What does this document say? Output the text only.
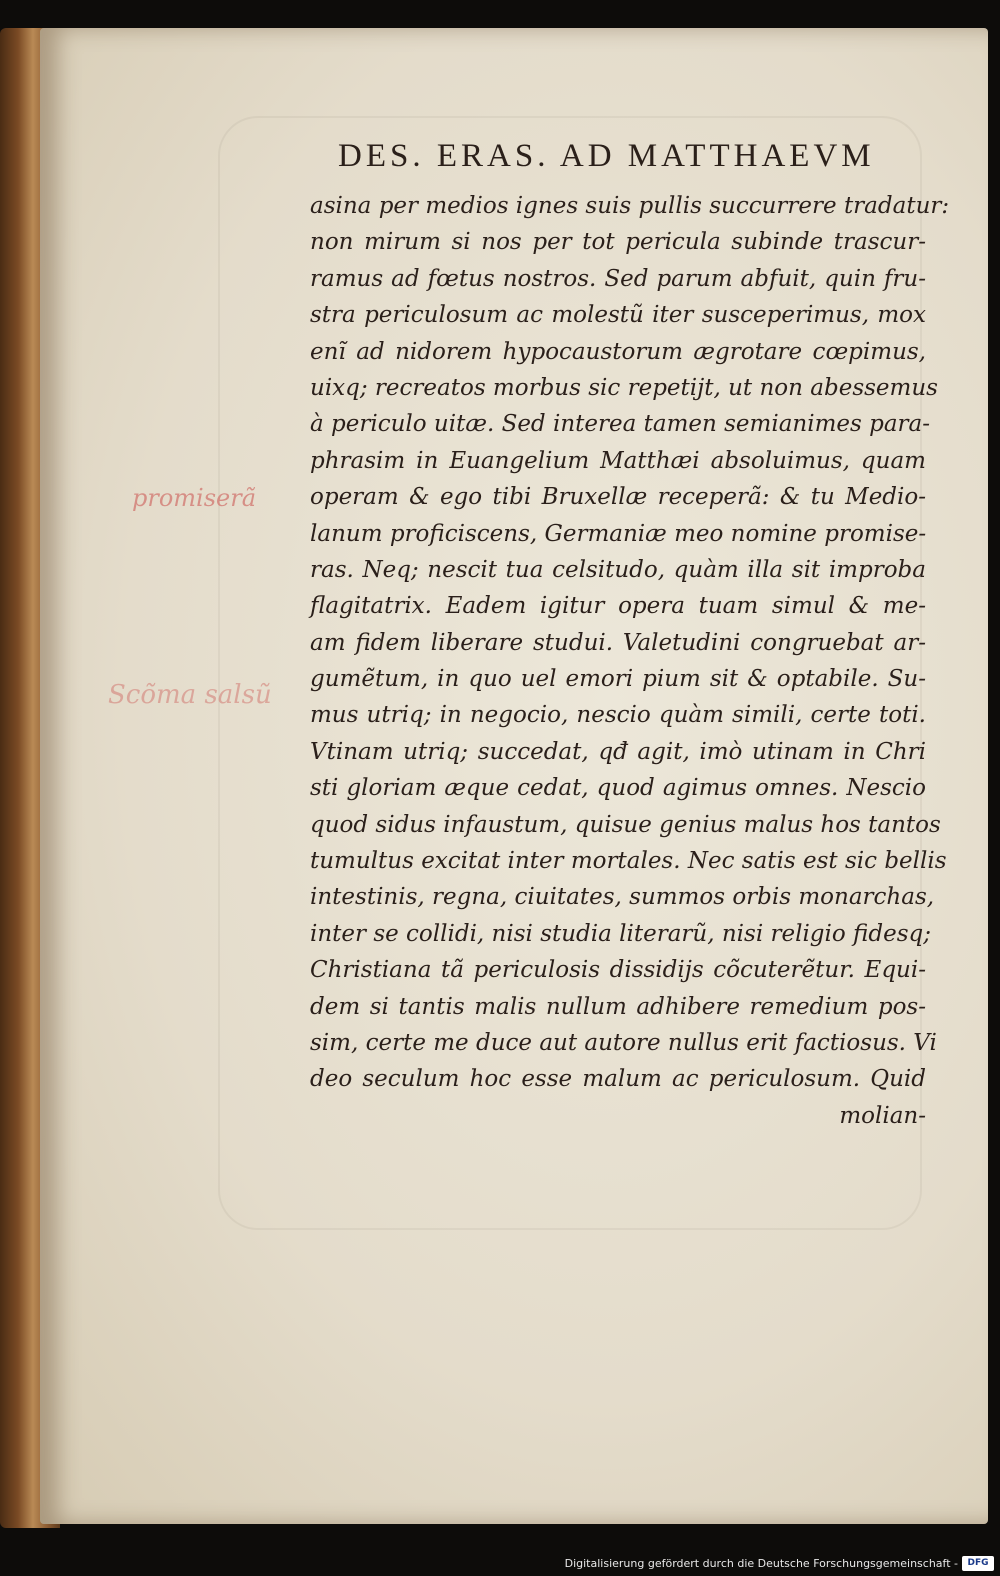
DES. ERAS. AD MATTHAEVM
promiserã
Scõma salsũ
asina per medios ignes suis pullis succurrere tradatur:
non mirum si nos per tot pericula subinde trascur-
ramus ad fœtus nostros. Sed parum abfuit, quin fru-
stra periculosum ac molestũ iter susceperimus, mox
enĩ ad nidorem hypocaustorum ægrotare cœpimus,
uixq; recreatos morbus sic repetijt, ut non abessemus
à periculo uitæ. Sed interea tamen semianimes para-
phrasim in Euangelium Matthæi absoluimus, quam
operam & ego tibi Bruxellæ receperã: & tu Medio-
lanum proficiscens, Germaniæ meo nomine promise-
ras. Neq; nescit tua celsitudo, quàm illa sit improba
flagitatrix. Eadem igitur opera tuam simul & me-
am fidem liberare studui. Valetudini congruebat ar-
gumẽtum, in quo uel emori pium sit & optabile. Su-
mus utriq; in negocio, nescio quàm simili, certe toti.
Vtinam utriq; succedat, qđ agit, imò utinam in Chri
sti gloriam æque cedat, quod agimus omnes. Nescio
quod sidus infaustum, quisue genius malus hos tantos
tumultus excitat inter mortales. Nec satis est sic bellis
intestinis, regna, ciuitates, summos orbis monarchas,
inter se collidi, nisi studia literarũ, nisi religio fidesq;
Christiana tã periculosis dissidijs cõcuterẽtur. Equi-
dem si tantis malis nullum adhibere remedium pos-
sim, certe me duce aut autore nullus erit factiosus. Vi
deo seculum hoc esse malum ac periculosum. Quid
molian-
Digitalisierung gefördert durch die Deutsche Forschungsgemeinschaft -	DFG
